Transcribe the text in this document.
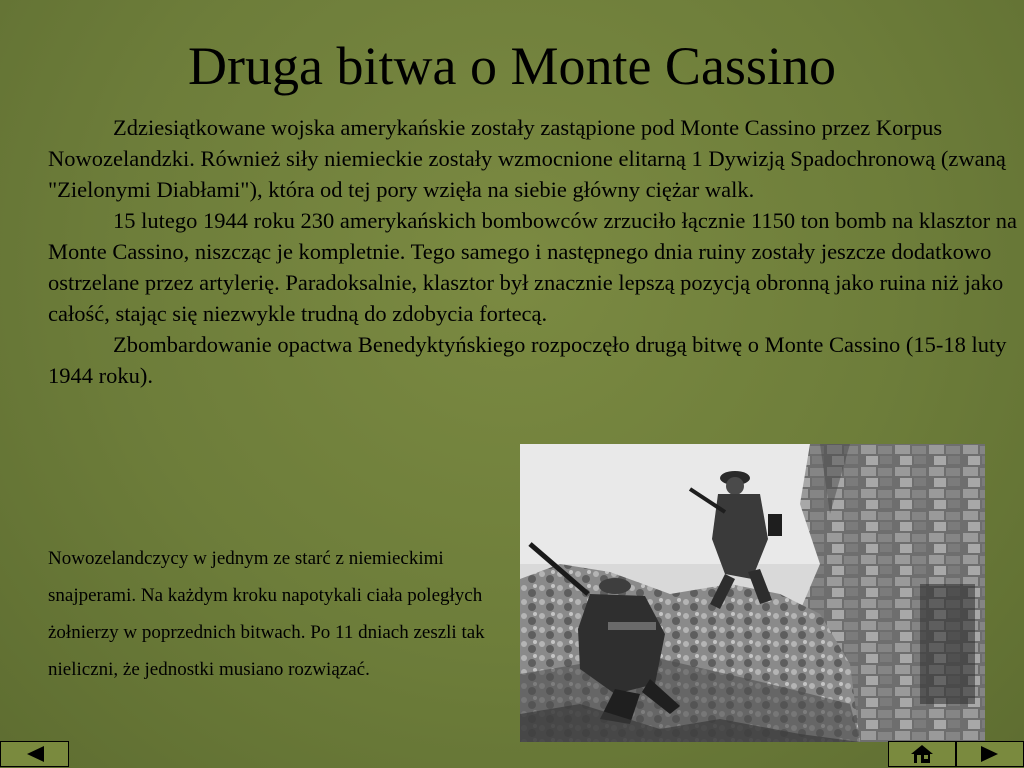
Druga bitwa o Monte Cassino

Zdziesiątkowane wojska amerykańskie zostały zastąpione pod Monte Cassino przez Korpus Nowozelandzki. Również siły niemieckie zostały wzmocnione elitarną 1 Dywizją Spadochronową (zwaną "Zielonymi Diabłami"), która od tej pory wzięła na siebie główny ciężar walk.

15 lutego 1944 roku 230 amerykańskich bombowców zrzuciło łącznie 1150 ton bomb na klasztor na Monte Cassino, niszcząc je kompletnie. Tego samego i następnego dnia ruiny zostały jeszcze dodatkowo ostrzelane przez artylerię. Paradoksalnie, klasztor był znacznie lepszą pozycją obronną jako ruina niż jako całość, stając się niezwykle trudną do zdobycia fortecą.

Zbombardowanie opactwa Benedyktyńskiego rozpoczęło drugą bitwę o Monte Cassino (15-18 luty 1944 roku).

Nowozelandczycy w jednym ze starć z niemieckimi snajperami. Na każdym kroku napotykali ciała poległych żołnierzy w poprzednich bitwach. Po 11 dniach zeszli tak nieliczni, że jednostki musiano rozwiązać.
